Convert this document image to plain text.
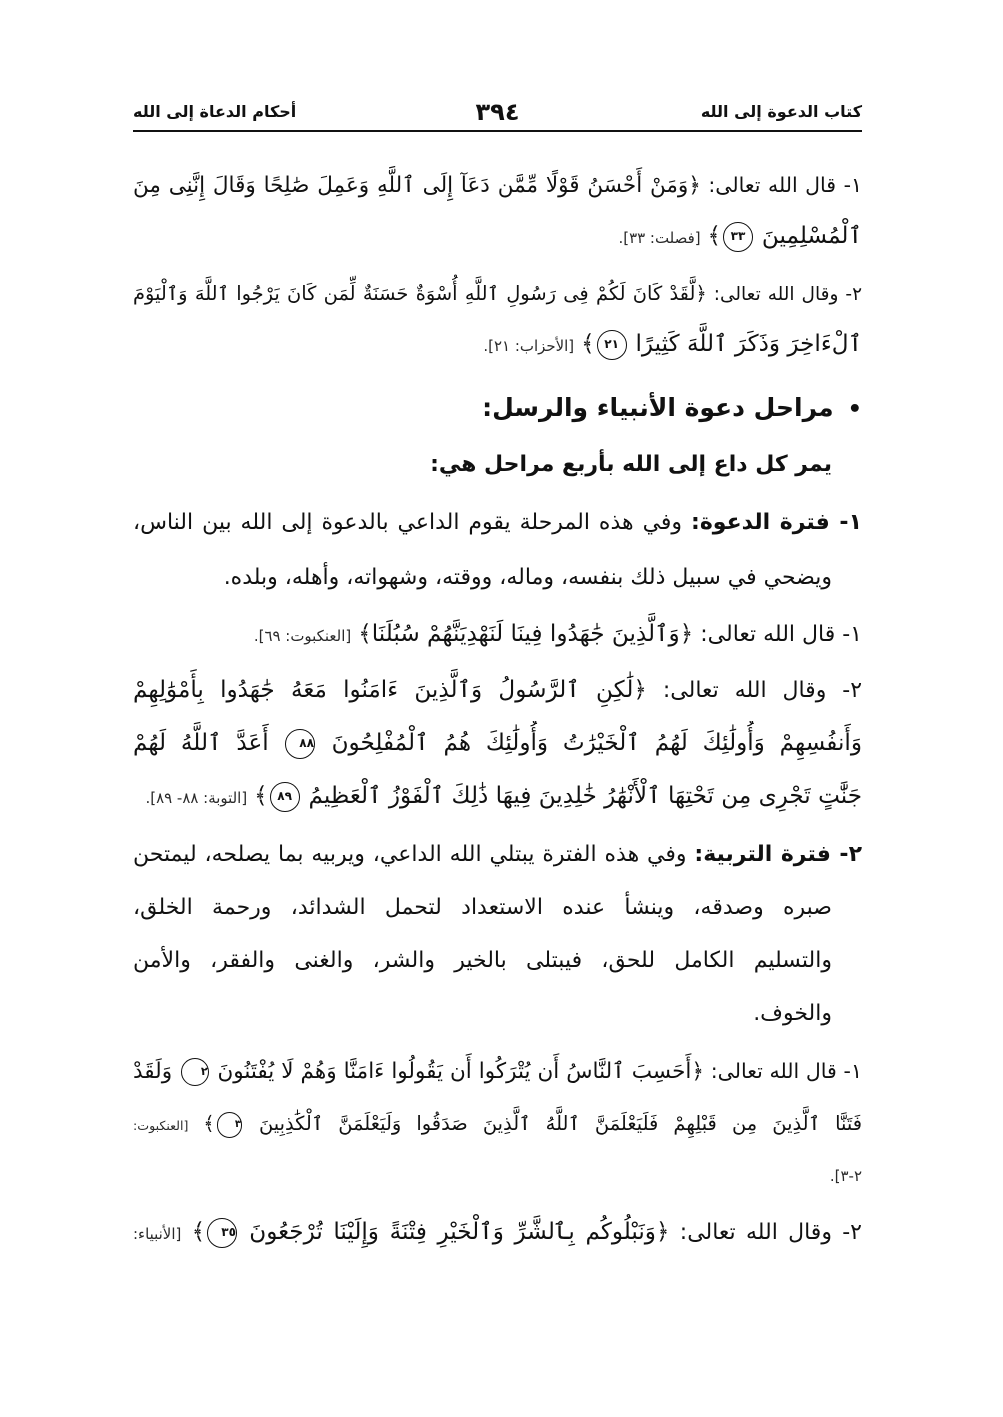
كتاب الدعوة إلى الله
٣٩٤
أحكام الدعاة إلى الله
١- قال الله تعالى: ﴿وَمَنْ أَحْسَنُ قَوْلًا مِّمَّن دَعَآ إِلَى ٱللَّهِ وَعَمِلَ صَٰلِحًا وَقَالَ إِنَّنِى مِنَ
ٱلْمُسْلِمِينَ ٣٣﴾ [فصلت: ٣٣].
٢- وقال الله تعالى: ﴿لَّقَدْ كَانَ لَكُمْ فِى رَسُولِ ٱللَّهِ أُسْوَةٌ حَسَنَةٌ لِّمَن كَانَ يَرْجُوا ٱللَّهَ وَٱلْيَوْمَ
ٱلْءَاخِرَ وَذَكَرَ ٱللَّهَ كَثِيرًا ٢١﴾ [الأحزاب: ٢١].
•مراحل دعوة الأنبياء والرسل:
يمر كل داع إلى الله بأربع مراحل هي:
١- فترة الدعوة: وفي هذه المرحلة يقوم الداعي بالدعوة إلى الله بين الناس،
ويضحي في سبيل ذلك بنفسه، وماله، ووقته، وشهواته، وأهله، وبلده.
١- قال الله تعالى: ﴿وَٱلَّذِينَ جَٰهَدُوا فِينَا لَنَهْدِيَنَّهُمْ سُبُلَنَا﴾ [العنكبوت: ٦٩].
٢- وقال الله تعالى: ﴿لَٰكِنِ ٱلرَّسُولُ وَٱلَّذِينَ ءَامَنُوا مَعَهُ جَٰهَدُوا بِأَمْوَٰلِهِمْ
وَأَنفُسِهِمْ وَأُولَٰئِكَ لَهُمُ ٱلْخَيْرَٰتُ وَأُولَٰئِكَ هُمُ ٱلْمُفْلِحُونَ ٨٨ أَعَدَّ ٱللَّهُ لَهُمْ
جَنَّٰتٍ تَجْرِى مِن تَحْتِهَا ٱلْأَنْهَٰرُ خَٰلِدِينَ فِيهَا ذَٰلِكَ ٱلْفَوْزُ ٱلْعَظِيمُ ٨٩﴾ [التوبة: ٨٨- ٨٩].
٢- فترة التربية: وفي هذه الفترة يبتلي الله الداعي، ويربيه بما يصلحه، ليمتحن
صبره وصدقه، وينشأ عنده الاستعداد لتحمل الشدائد، ورحمة الخلق،
والتسليم الكامل للحق، فيبتلى بالخير والشر، والغنى والفقر، والأمن
والخوف.
١- قال الله تعالى: ﴿أَحَسِبَ ٱلنَّاسُ أَن يُتْرَكُوا أَن يَقُولُوا ءَامَنَّا وَهُمْ لَا يُفْتَنُونَ ٢ وَلَقَدْ
فَتَنَّا ٱلَّذِينَ مِن قَبْلِهِمْ فَلَيَعْلَمَنَّ ٱللَّهُ ٱلَّذِينَ صَدَقُوا وَلَيَعْلَمَنَّ ٱلْكَٰذِبِينَ ٣﴾ [العنكبوت:
٢-٣].
٢- وقال الله تعالى: ﴿وَنَبْلُوكُم بِٱلشَّرِّ وَٱلْخَيْرِ فِتْنَةً وَإِلَيْنَا تُرْجَعُونَ ٣٥﴾ [الأنبياء:
